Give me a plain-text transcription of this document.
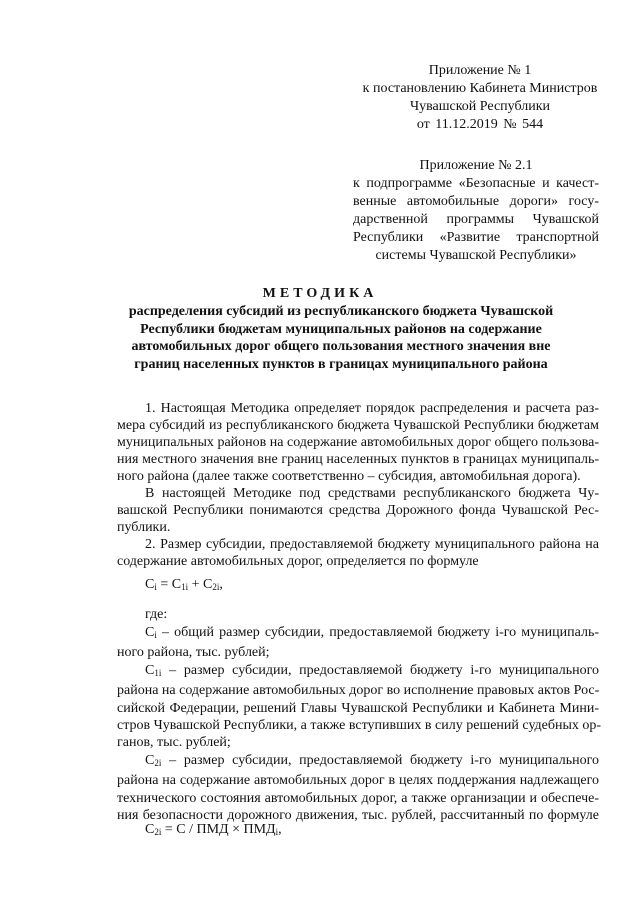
Приложение № 1
к постановлению Кабинета Министров
Чувашской Республики
от 11.12.2019 № 544
Приложение № 2.1
к подпрограмме «Безопасные и качест-
венные автомобильные дороги» госу-
дарственной программы Чувашской
Республики «Развитие транспортной
системы Чувашской Республики»
МЕТОДИКА
распределения субсидий из республиканского бюджета Чувашской
Республики бюджетам муниципальных районов на содержание
автомобильных дорог общего пользования местного значения вне
границ населенных пунктов в границах муниципального района
1. Настоящая Методика определяет порядок распределения и расчета раз-
мера субсидий из республиканского бюджета Чувашской Республики бюджетам
муниципальных районов на содержание автомобильных дорог общего пользова-
ния местного значения вне границ населенных пунктов в границах муниципаль-
ного района (далее также соответственно – субсидия, автомобильная дорога).
В настоящей Методике под средствами республиканского бюджета Чу-
вашской Республики понимаются средства Дорожного фонда Чувашской Рес-
публики.
2. Размер субсидии, предоставляемой бюджету муниципального района на
содержание автомобильных дорог, определяется по формуле
$C_i = C_{1i} + C_{2i}$,
где:
$C_i$ – общий размер субсидии, предоставляемой бюджету i-го муниципаль-
ного района, тыс. рублей;
$C_{1i}$ – размер субсидии, предоставляемой бюджету i-го муниципального
района на содержание автомобильных дорог во исполнение правовых актов Рос-
сийской Федерации, решений Главы Чувашской Республики и Кабинета Мини-
стров Чувашской Республики, а также вступивших в силу решений судебных ор-
ганов, тыс. рублей;
$C_{2i}$ – размер субсидии, предоставляемой бюджету i-го муниципального
района на содержание автомобильных дорог в целях поддержания надлежащего
технического состояния автомобильных дорог, а также организации и обеспече-
ния безопасности дорожного движения, тыс. рублей, рассчитанный по формуле
$C_{2i} = C$ / ПМД × $ПМД_i$,
